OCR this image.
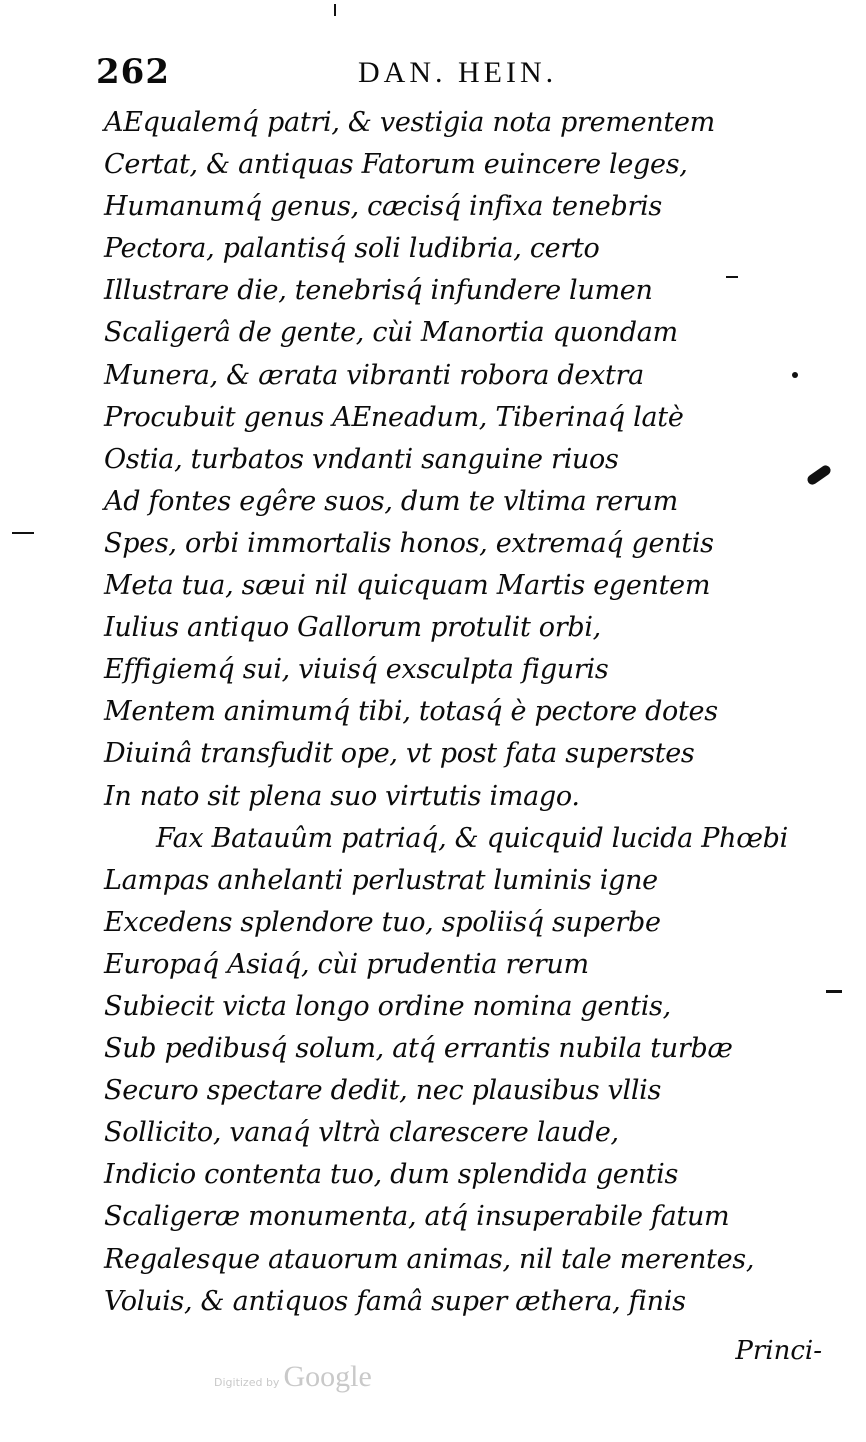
262	DAN. HEIN.
AEqualemq́ patri, & vestigia nota prementem
Certat, & antiquas Fatorum euincere leges,
Humanumq́ genus, cæcisq́ infixa tenebris
Pectora, palantisq́ soli ludibria, certo
Illustrare die, tenebrisq́ infundere lumen
Scaligerâ de gente, cùi Manortia quondam
Munera, & ærata vibranti robora dextra
Procubuit genus AEneadum, Tiberinaq́ latè
Ostia, turbatos vndanti sanguine riuos
Ad fontes egêre suos, dum te vltima rerum
Spes, orbi immortalis honos, extremaq́ gentis
Meta tua, sæui nil quicquam Martis egentem
Iulius antiquo Gallorum protulit orbi,
Effigiemq́ sui, viuisq́ exsculpta figuris
Mentem animumq́ tibi, totasq́ è pectore dotes
Diuinâ transfudit ope, vt post fata superstes
In nato sit plena suo virtutis imago.
Fax Batauûm patriaq́, & quicquid lucida Phœbi
Lampas anhelanti perlustrat luminis igne
Excedens splendore tuo, spoliisq́ superbe
Europaq́ Asiaq́, cùi prudentia rerum
Subiecit victa longo ordine nomina gentis,
Sub pedibusq́ solum, atq́ errantis nubila turbæ
Securo spectare dedit, nec plausibus vllis
Sollicito, vanaq́ vltrà clarescere laude,
Indicio contenta tuo, dum splendida gentis
Scaligeræ monumenta, atq́ insuperabile fatum
Regalesque atauorum animas, nil tale merentes,
Voluis, & antiquos famâ super æthera, finis
Princi-
Digitized by Google
